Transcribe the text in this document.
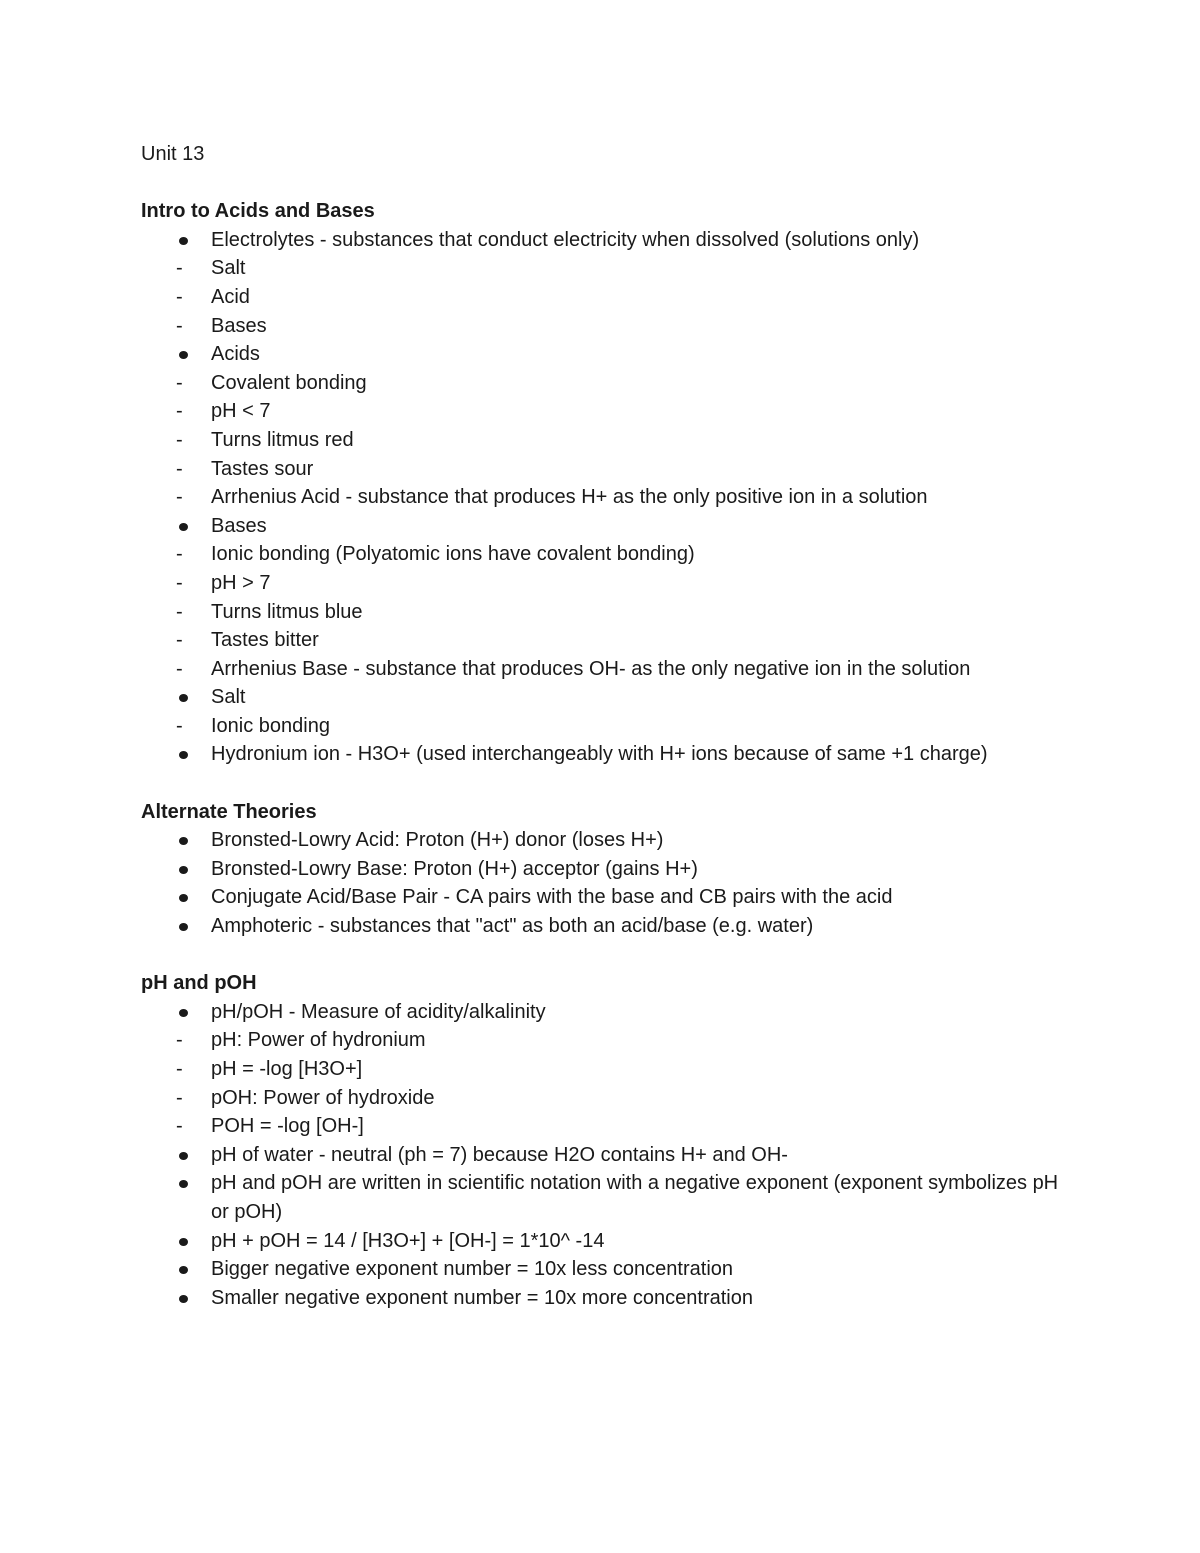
Unit 13
Intro to Acids and Bases
Electrolytes - substances that conduct electricity when dissolved (solutions only)
-
Salt
-
Acid
-
Bases
Acids
-
Covalent bonding
-
pH < 7
-
Turns litmus red
-
Tastes sour
-
Arrhenius Acid - substance that produces H+ as the only positive ion in a solution
Bases
-
Ionic bonding (Polyatomic ions have covalent bonding)
-
pH > 7
-
Turns litmus blue
-
Tastes bitter
-
Arrhenius Base - substance that produces OH- as the only negative ion in the solution
Salt
-
Ionic bonding
Hydronium ion - H3O+ (used interchangeably with H+ ions because of same +1 charge)
Alternate Theories
Bronsted-Lowry Acid: Proton (H+) donor (loses H+)
Bronsted-Lowry Base: Proton (H+) acceptor (gains H+)
Conjugate Acid/Base Pair - CA pairs with the base and CB pairs with the acid
Amphoteric - substances that "act" as both an acid/base (e.g. water)
pH and pOH
pH/pOH - Measure of acidity/alkalinity
-
pH: Power of hydronium
-
pH = -log [H3O+]
-
pOH: Power of hydroxide
-
POH = -log [OH-]
pH of water - neutral (ph = 7) because H2O contains H+ and OH-
pH and pOH are written in scientific notation with a negative exponent (exponent symbolizes pH or pOH)
pH + pOH = 14 / [H3O+] + [OH-] = 1*10^ -14
Bigger negative exponent number = 10x less concentration
Smaller negative exponent number = 10x more concentration
